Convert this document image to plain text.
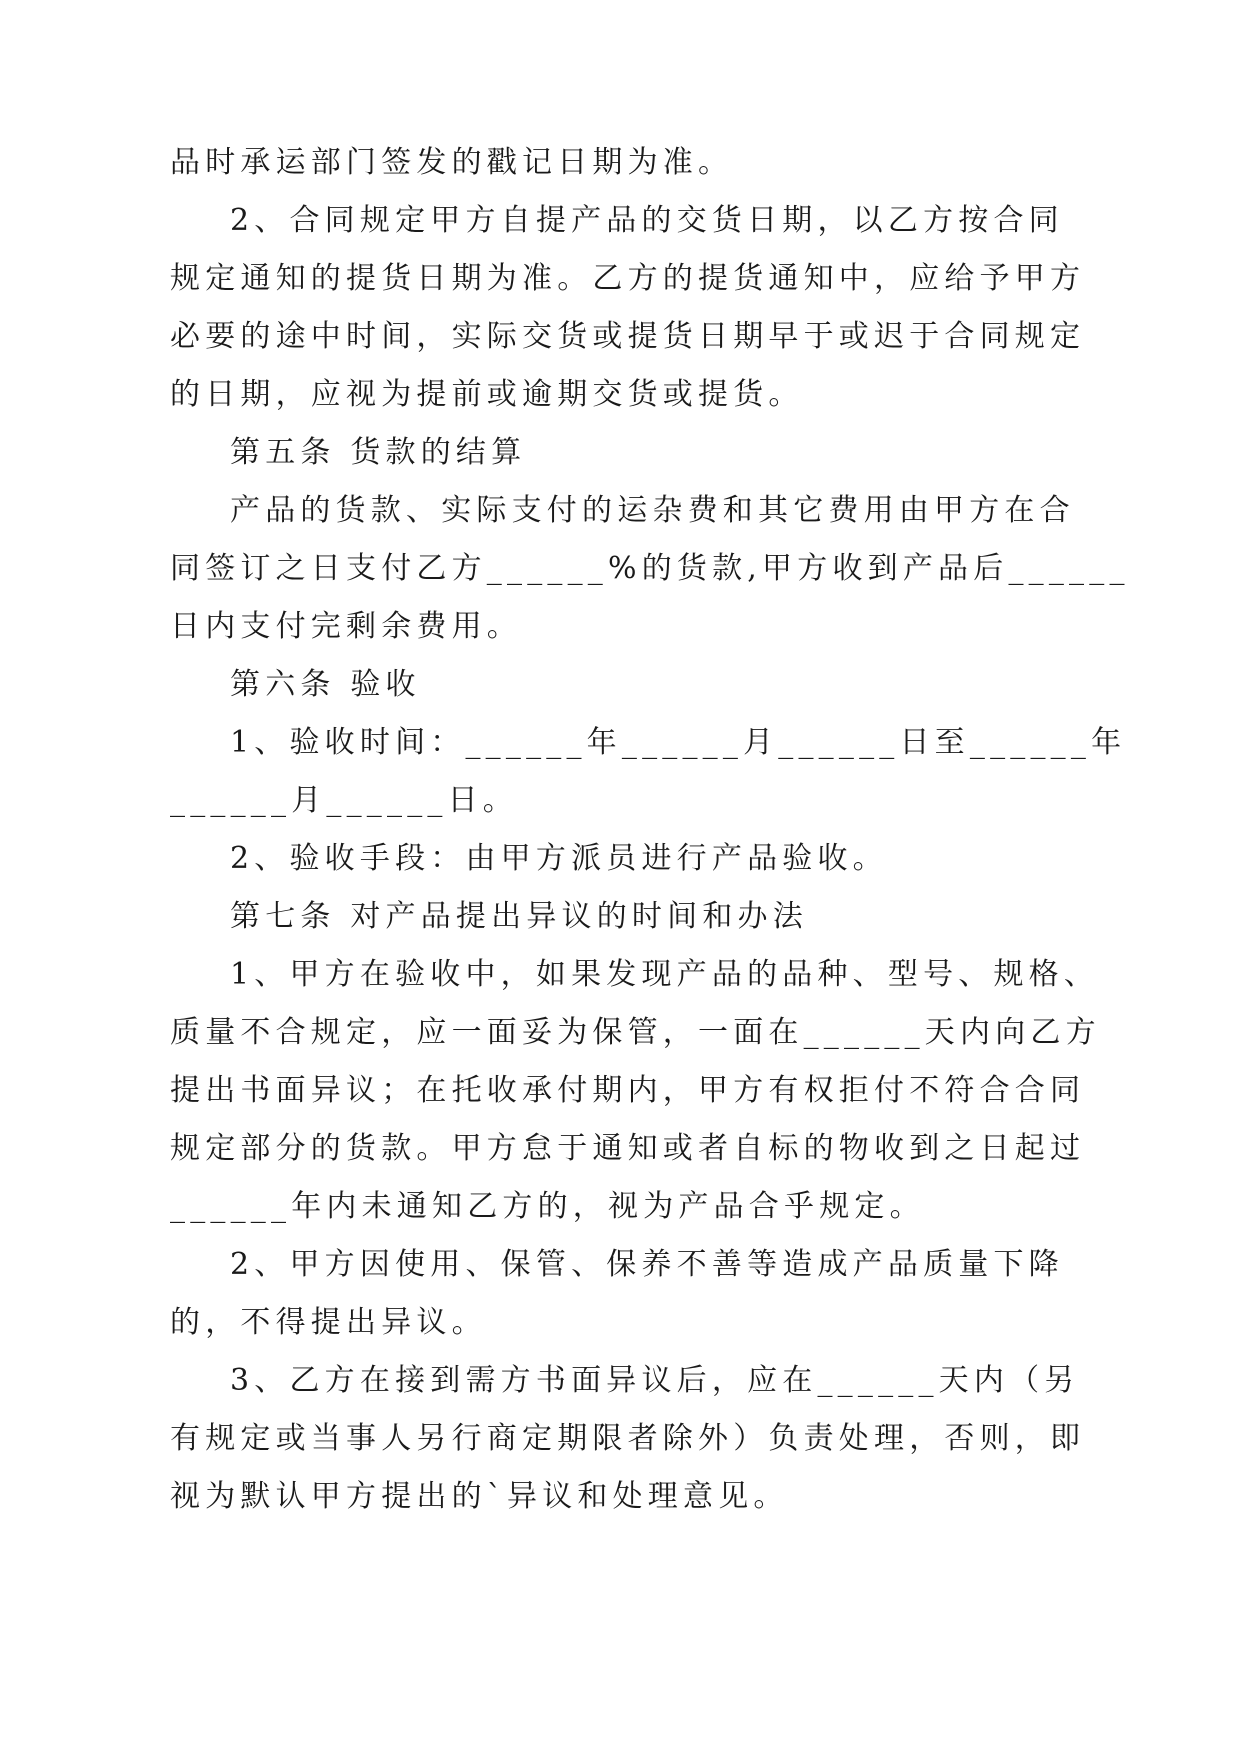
品时承运部门签发的戳记日期为准。
2、合同规定甲方自提产品的交货日期，以乙方按合同
规定通知的提货日期为准。乙方的提货通知中，应给予甲方
必要的途中时间，实际交货或提货日期早于或迟于合同规定
的日期，应视为提前或逾期交货或提货。
第五条 货款的结算
产品的货款、实际支付的运杂费和其它费用由甲方在合
同签订之日支付乙方______%的货款,甲方收到产品后______
日内支付完剩余费用。
第六条 验收
1、验收时间：______年______月______日至______年
______月______日。
2、验收手段：由甲方派员进行产品验收。
第七条 对产品提出异议的时间和办法
1、甲方在验收中，如果发现产品的品种、型号、规格、
质量不合规定，应一面妥为保管，一面在______天内向乙方
提出书面异议；在托收承付期内，甲方有权拒付不符合合同
规定部分的货款。甲方怠于通知或者自标的物收到之日起过
______年内未通知乙方的，视为产品合乎规定。
2、甲方因使用、保管、保养不善等造成产品质量下降
的，不得提出异议。
3、乙方在接到需方书面异议后，应在______天内（另
有规定或当事人另行商定期限者除外）负责处理，否则，即
视为默认甲方提出的`异议和处理意见。
